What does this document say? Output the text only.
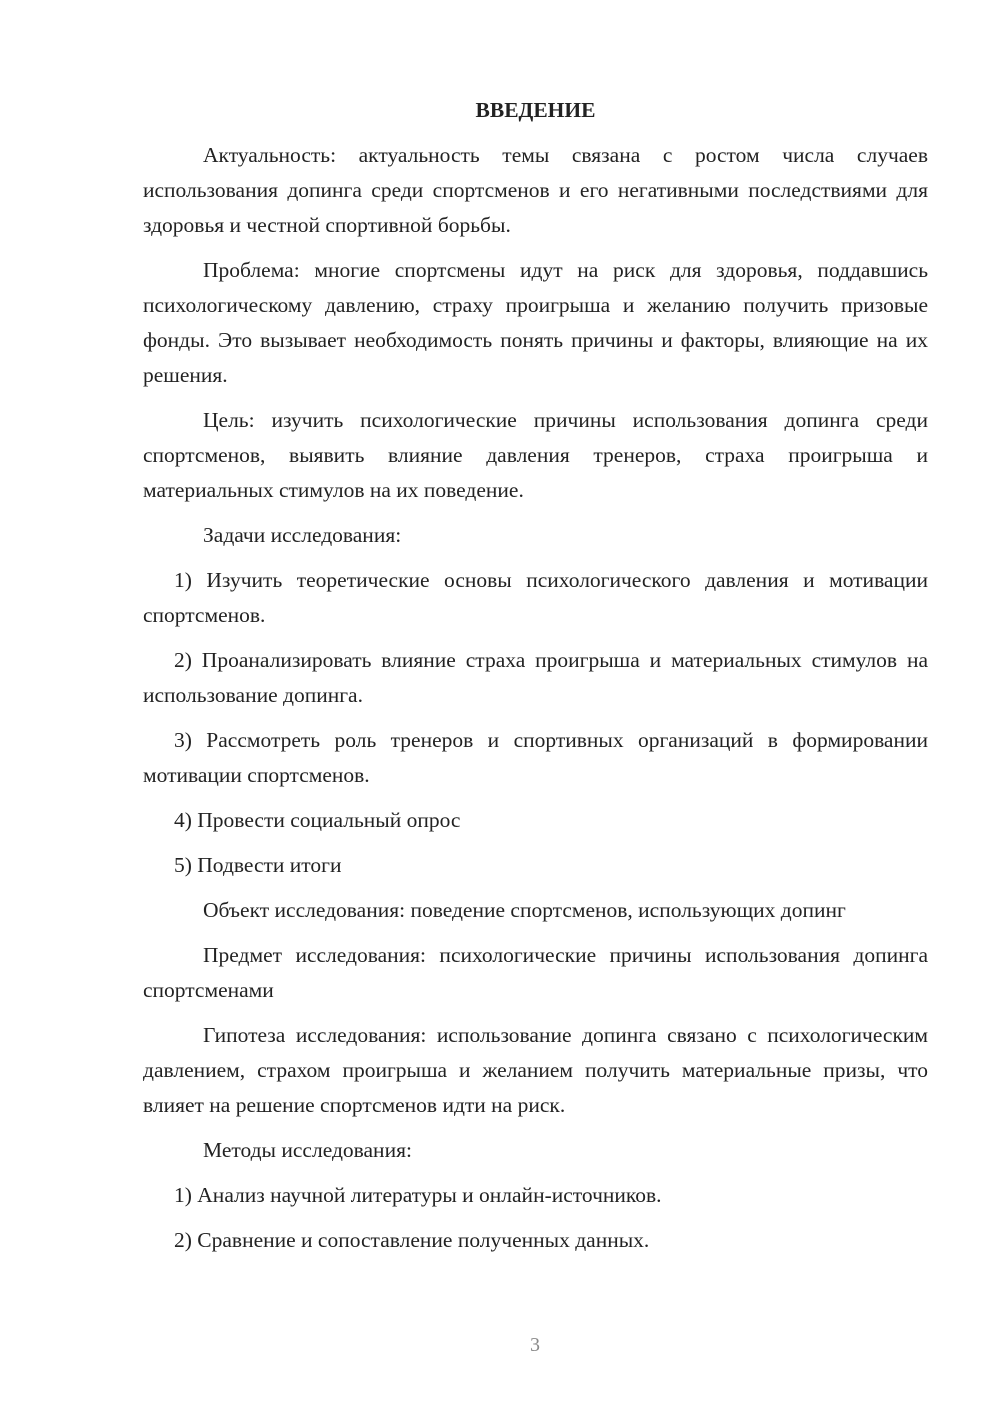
ВВЕДЕНИЕ

Актуальность: актуальность темы связана с ростом числа случаев использования допинга среди спортсменов и его негативными последствиями для здоровья и честной спортивной борьбы.

Проблема: многие спортсмены идут на риск для здоровья, поддавшись психологическому давлению, страху проигрыша и желанию получить призовые фонды. Это вызывает необходимость понять причины и факторы, влияющие на их решения.

Цель: изучить психологические причины использования допинга среди спортсменов, выявить влияние давления тренеров, страха проигрыша и материальных стимулов на их поведение.

Задачи исследования:

1) Изучить теоретические основы психологического давления и мотивации спортсменов.

2) Проанализировать влияние страха проигрыша и материальных стимулов на использование допинга.

3) Рассмотреть роль тренеров и спортивных организаций в формировании мотивации спортсменов.

4) Провести социальный опрос

5) Подвести итоги

Объект исследования: поведение спортсменов, использующих допинг

Предмет исследования: психологические причины использования допинга спортсменами

Гипотеза исследования: использование допинга связано с психологическим давлением, страхом проигрыша и желанием получить материальные призы, что влияет на решение спортсменов идти на риск.

Методы исследования:

1) Анализ научной литературы и онлайн-источников.

2) Сравнение и сопоставление полученных данных.

3
